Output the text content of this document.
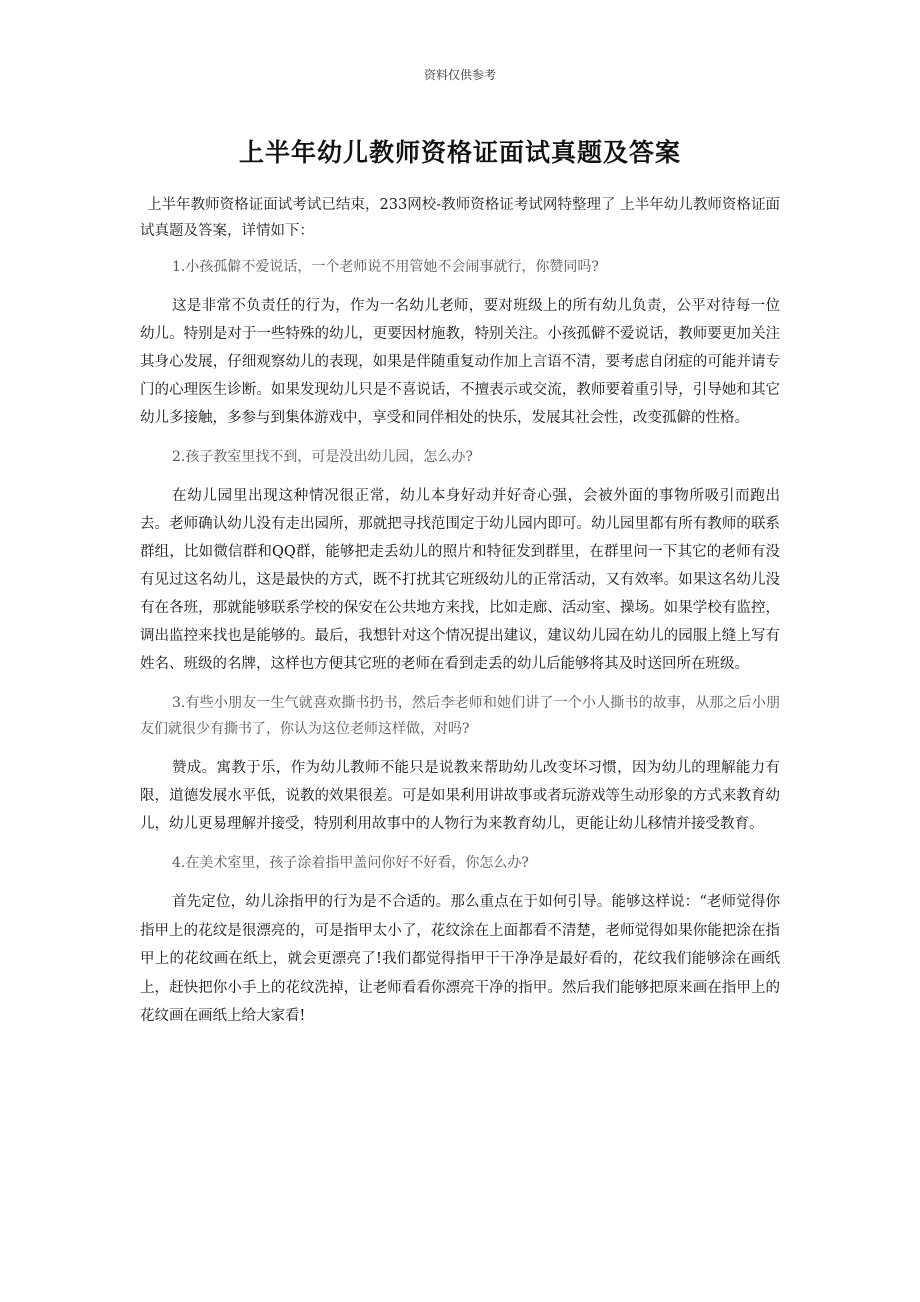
资料仅供参考
上半年幼儿教师资格证面试真题及答案

上半年教师资格证面试考试已结束，233网校-教师资格证考试网特整理了 上半年幼儿教师资格证面试真题及答案，详情如下：

1.小孩孤僻不爱说话，一个老师说不用管她不会闹事就行，你赞同吗?

这是非常不负责任的行为，作为一名幼儿老师，要对班级上的所有幼儿负责，公平对待每一位幼儿。特别是对于一些特殊的幼儿，更要因材施教，特别关注。小孩孤僻不爱说话，教师要更加关注其身心发展，仔细观察幼儿的表现，如果是伴随重复动作加上言语不清，要考虑自闭症的可能并请专门的心理医生诊断。如果发现幼儿只是不喜说话，不擅表示或交流，教师要着重引导，引导她和其它幼儿多接触，多参与到集体游戏中，享受和同伴相处的快乐，发展其社会性，改变孤僻的性格。

2.孩子教室里找不到，可是没出幼儿园，怎么办?

在幼儿园里出现这种情况很正常，幼儿本身好动并好奇心强，会被外面的事物所吸引而跑出去。老师确认幼儿没有走出园所，那就把寻找范围定于幼儿园内即可。幼儿园里都有所有教师的联系群组，比如微信群和QQ群，能够把走丢幼儿的照片和特征发到群里，在群里问一下其它的老师有没有见过这名幼儿，这是最快的方式，既不打扰其它班级幼儿的正常活动，又有效率。如果这名幼儿没有在各班，那就能够联系学校的保安在公共地方来找，比如走廊、活动室、操场。如果学校有监控，调出监控来找也是能够的。最后，我想针对这个情况提出建议，建议幼儿园在幼儿的园服上缝上写有姓名、班级的名牌，这样也方便其它班的老师在看到走丢的幼儿后能够将其及时送回所在班级。

3.有些小朋友一生气就喜欢撕书扔书，然后李老师和她们讲了一个小人撕书的故事，从那之后小朋友们就很少有撕书了，你认为这位老师这样做，对吗?

赞成。寓教于乐，作为幼儿教师不能只是说教来帮助幼儿改变坏习惯，因为幼儿的理解能力有限，道德发展水平低，说教的效果很差。可是如果利用讲故事或者玩游戏等生动形象的方式来教育幼儿，幼儿更易理解并接受，特别利用故事中的人物行为来教育幼儿，更能让幼儿移情并接受教育。

4.在美术室里，孩子涂着指甲盖问你好不好看，你怎么办?

首先定位，幼儿涂指甲的行为是不合适的。那么重点在于如何引导。能够这样说：“老师觉得你指甲上的花纹是很漂亮的，可是指甲太小了，花纹涂在上面都看不清楚，老师觉得如果你能把涂在指甲上的花纹画在纸上，就会更漂亮了!我们都觉得指甲干干净净是最好看的，花纹我们能够涂在画纸上，赶快把你小手上的花纹洗掉，让老师看看你漂亮干净的指甲。然后我们能够把原来画在指甲上的花纹画在画纸上给大家看!
